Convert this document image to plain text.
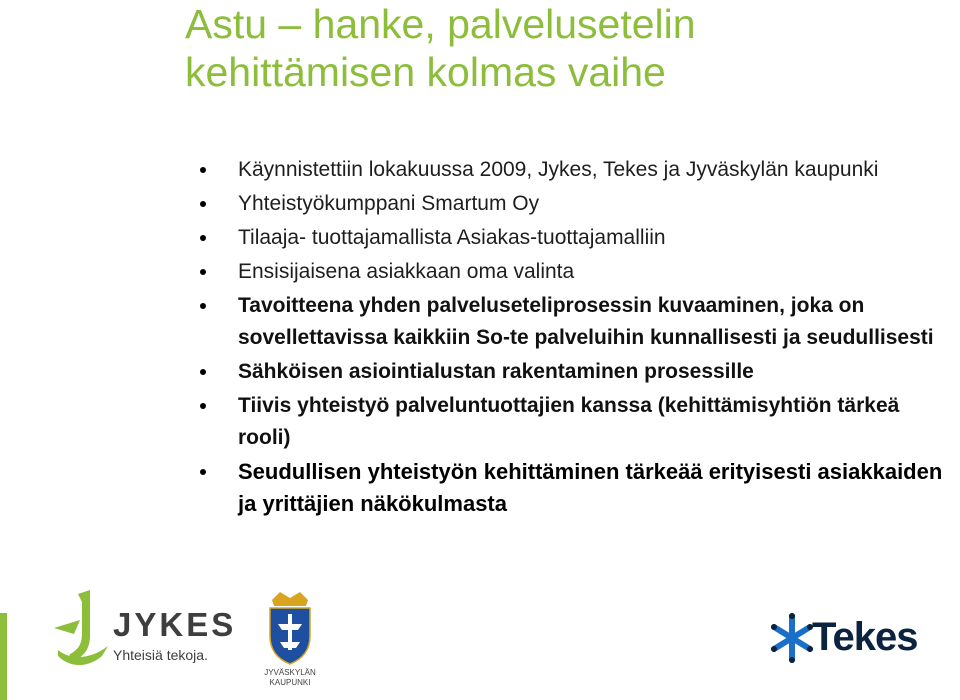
Astu – hanke, palvelusetelin
kehittämisen kolmas vaihe
Käynnistettiin lokakuussa 2009, Jykes, Tekes ja Jyväskylän kaupunki
Yhteistyökumppani Smartum Oy
Tilaaja- tuottajamallista Asiakas-tuottajamalliin
Ensisijaisena asiakkaan oma valinta
Tavoitteena yhden palveluseteliprosessin kuvaaminen, joka on sovellettavissa kaikkiin So-te palveluihin kunnallisesti ja seudullisesti
Sähköisen asiointialustan rakentaminen prosessille
Tiivis yhteistyö palveluntuottajien kanssa (kehittämisyhtiön tärkeä rooli)
Seudullisen yhteistyön kehittäminen tärkeää erityisesti asiakkaiden ja yrittäjien näkökulmasta
JYKES
Yhteisiä tekoja.
JYVÄSKYLÄN
KAUPUNKI
Tekes
